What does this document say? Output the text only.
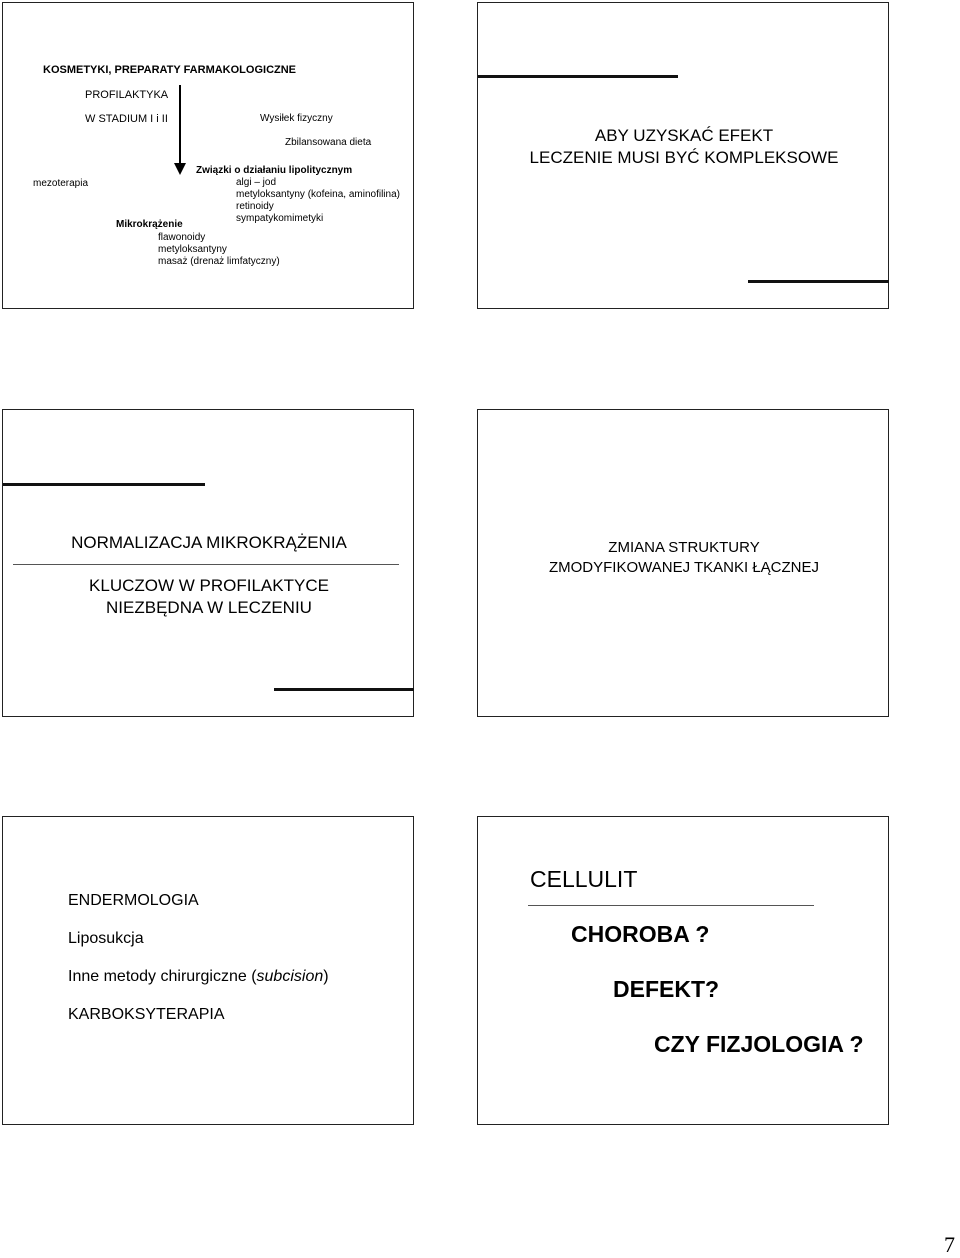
KOSMETYKI, PREPARATY FARMAKOLOGICZNE
PROFILAKTYKA
W STADIUM I i II	Wysiłek fizyczny
Zbilansowana dieta
Związki o działaniu lipolitycznym
mezoterapia	algi – jod
metyloksantyny (kofeina, aminofilina)
retinoidy
sympatykomimetyki
Mikrokrążenie
flawonoidy
metyloksantyny
masaż (drenaż limfatyczny)
ABY UZYSKAĆ EFEKT
LECZENIE MUSI BYĆ KOMPLEKSOWE
NORMALIZACJA MIKROKRĄŻENIA
KLUCZOW W PROFILAKTYCE
NIEZBĘDNA W LECZENIU
ZMIANA STRUKTURY
ZMODYFIKOWANEJ TKANKI ŁĄCZNEJ
ENDERMOLOGIA
Liposukcja
Inne metody chirurgiczne (subcision)
KARBOKSYTERAPIA
CELLULIT
CHOROBA ?
DEFEKT?
CZY FIZJOLOGIA ?
7
